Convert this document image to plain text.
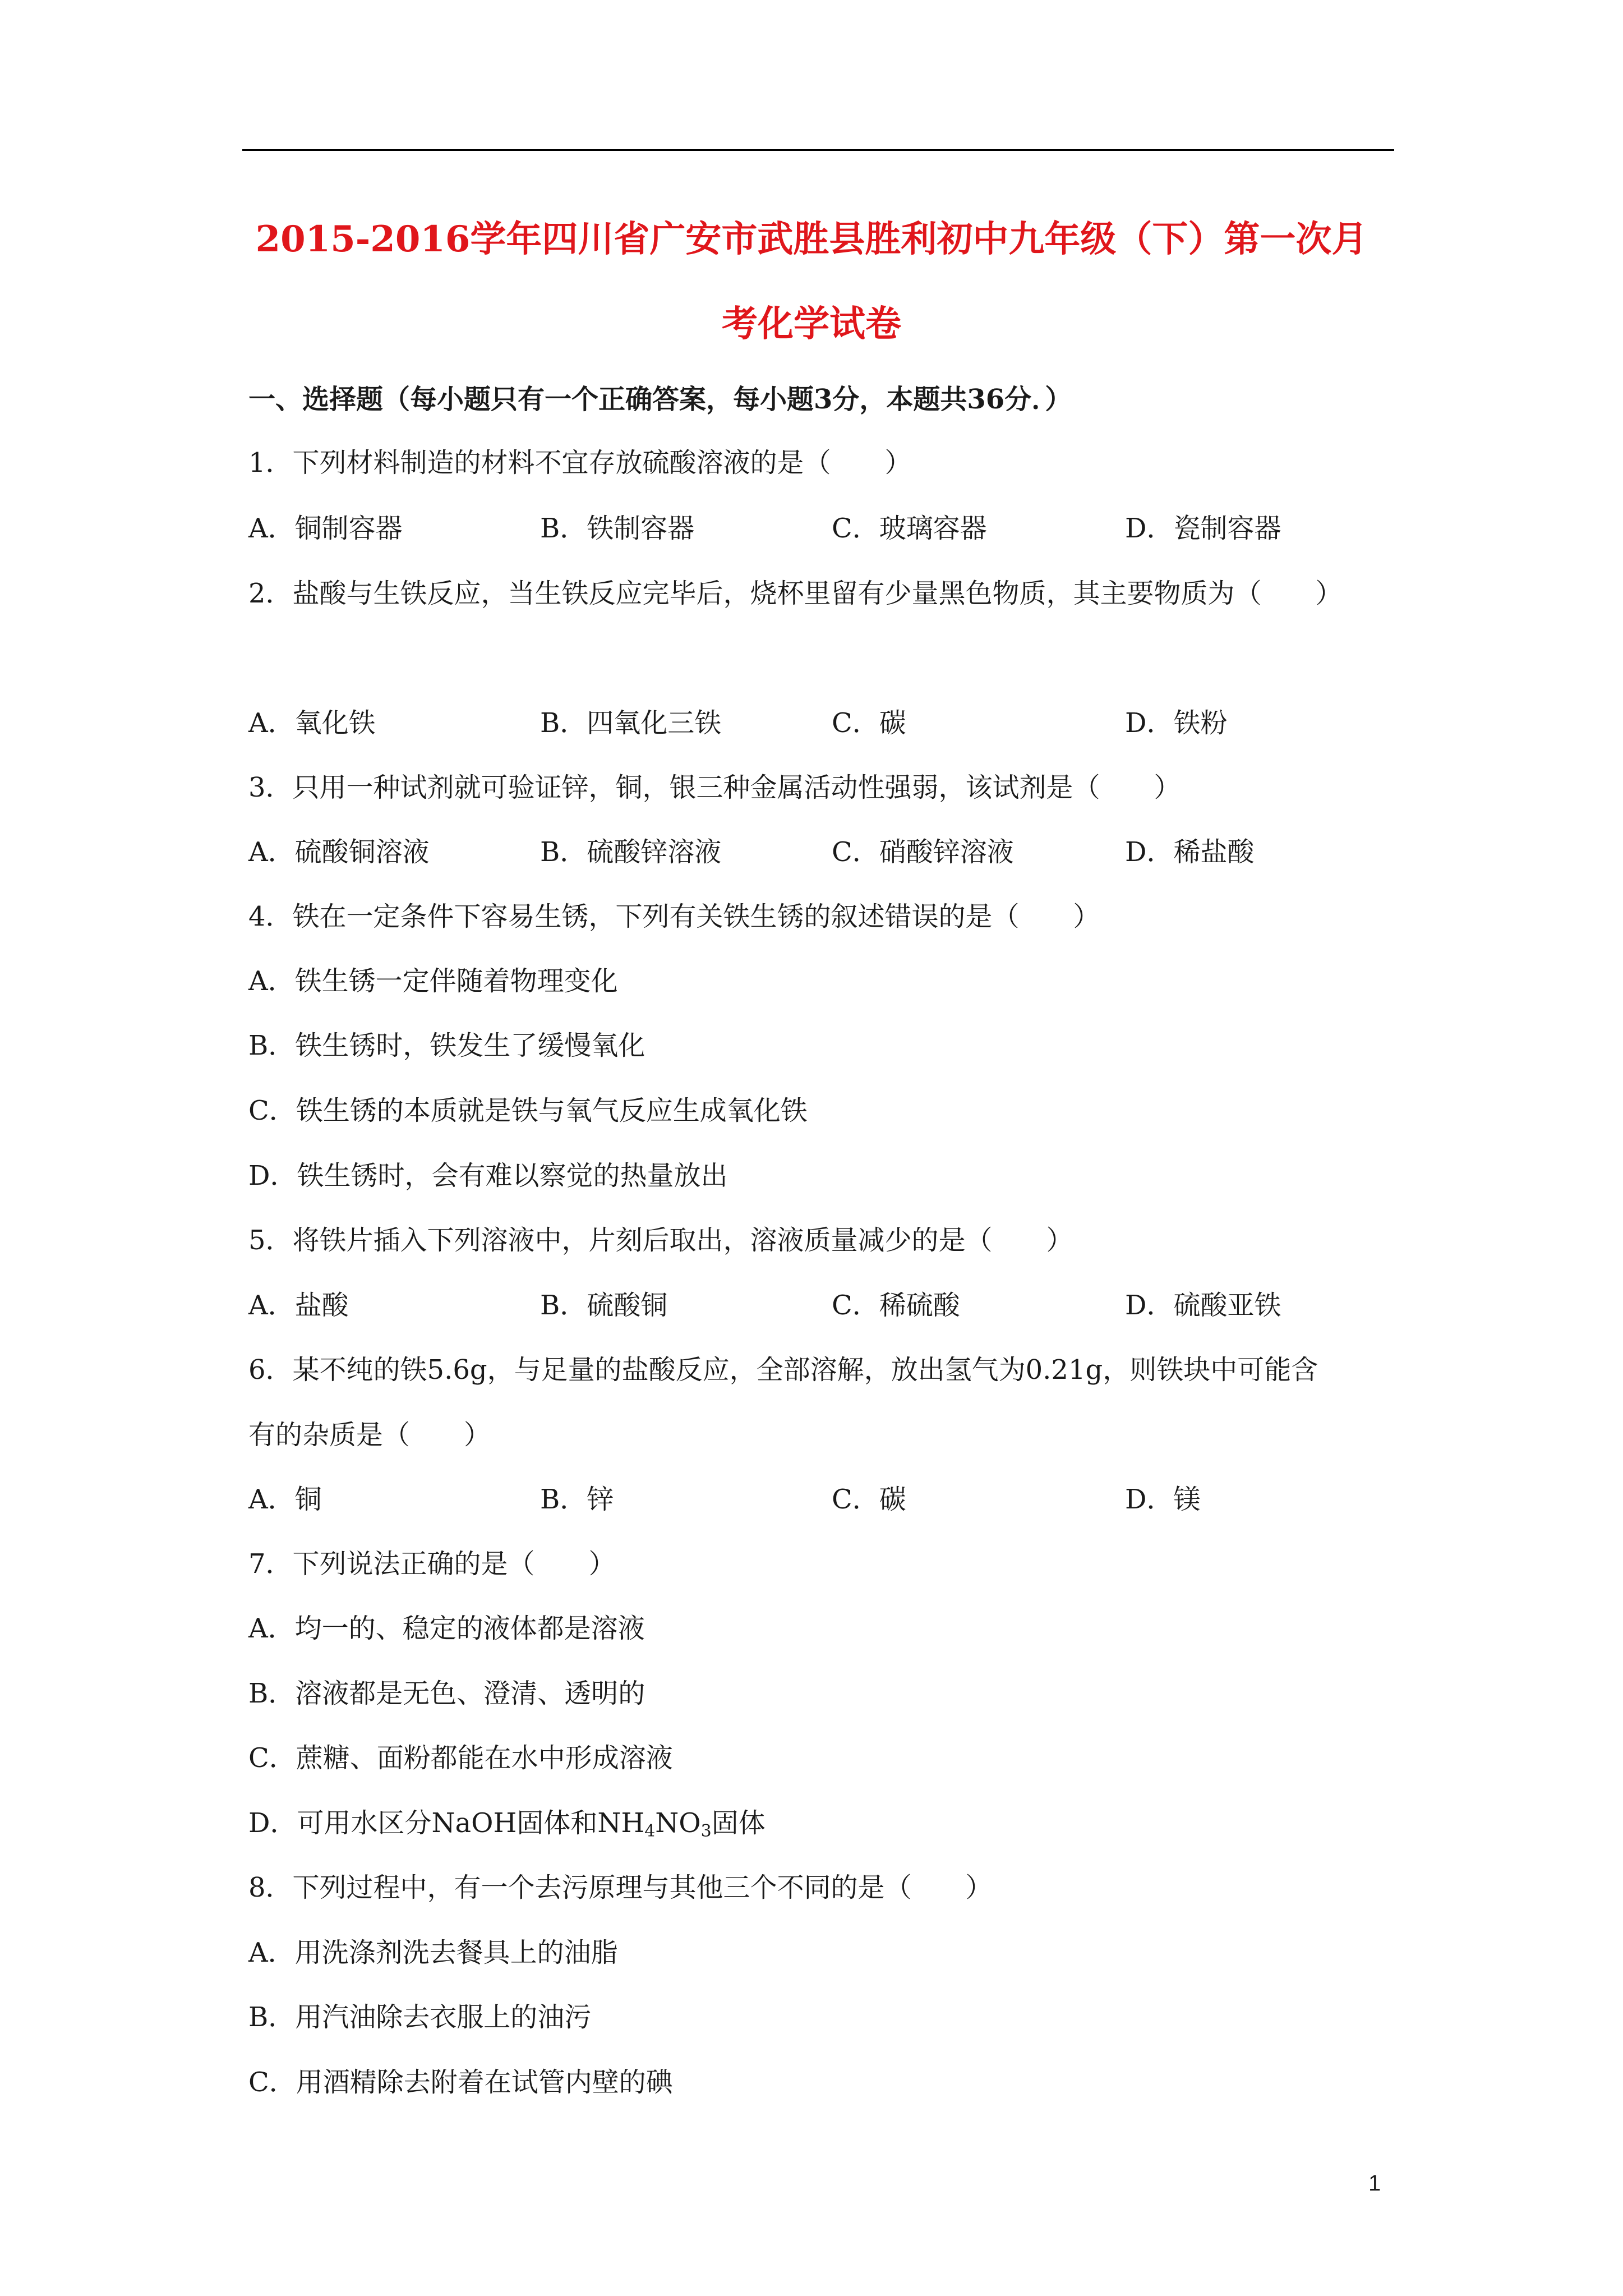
2015-2016学年四川省广安市武胜县胜利初中九年级（下）第一次月
考化学试卷
一、选择题（每小题只有一个正确答案，每小题3分，本题共36分．）
1．下列材料制造的材料不宜存放硫酸溶液的是（　　）
A．铜制容器	B．铁制容器	C．玻璃容器	D．瓷制容器
2．盐酸与生铁反应，当生铁反应完毕后，烧杯里留有少量黑色物质，其主要物质为（　　）
A．氧化铁	B．四氧化三铁	C．碳	D．铁粉
3．只用一种试剂就可验证锌，铜，银三种金属活动性强弱，该试剂是（　　）
A．硫酸铜溶液	B．硫酸锌溶液	C．硝酸锌溶液	D．稀盐酸
4．铁在一定条件下容易生锈，下列有关铁生锈的叙述错误的是（　　）
A．铁生锈一定伴随着物理变化
B．铁生锈时，铁发生了缓慢氧化
C．铁生锈的本质就是铁与氧气反应生成氧化铁
D．铁生锈时，会有难以察觉的热量放出
5．将铁片插入下列溶液中，片刻后取出，溶液质量减少的是（　　）
A．盐酸	B．硫酸铜	C．稀硫酸	D．硫酸亚铁
6．某不纯的铁5.6g，与足量的盐酸反应，全部溶解，放出氢气为0.21g，则铁块中可能含
有的杂质是（　　）
A．铜	B．锌	C．碳	D．镁
7．下列说法正确的是（　　）
A．均一的、稳定的液体都是溶液
B．溶液都是无色、澄清、透明的
C．蔗糖、面粉都能在水中形成溶液
D．可用水区分NaOH固体和$NH_4NO_3$固体
8．下列过程中，有一个去污原理与其他三个不同的是（　　）
A．用洗涤剂洗去餐具上的油脂
B．用汽油除去衣服上的油污
C．用酒精除去附着在试管内壁的碘
1
